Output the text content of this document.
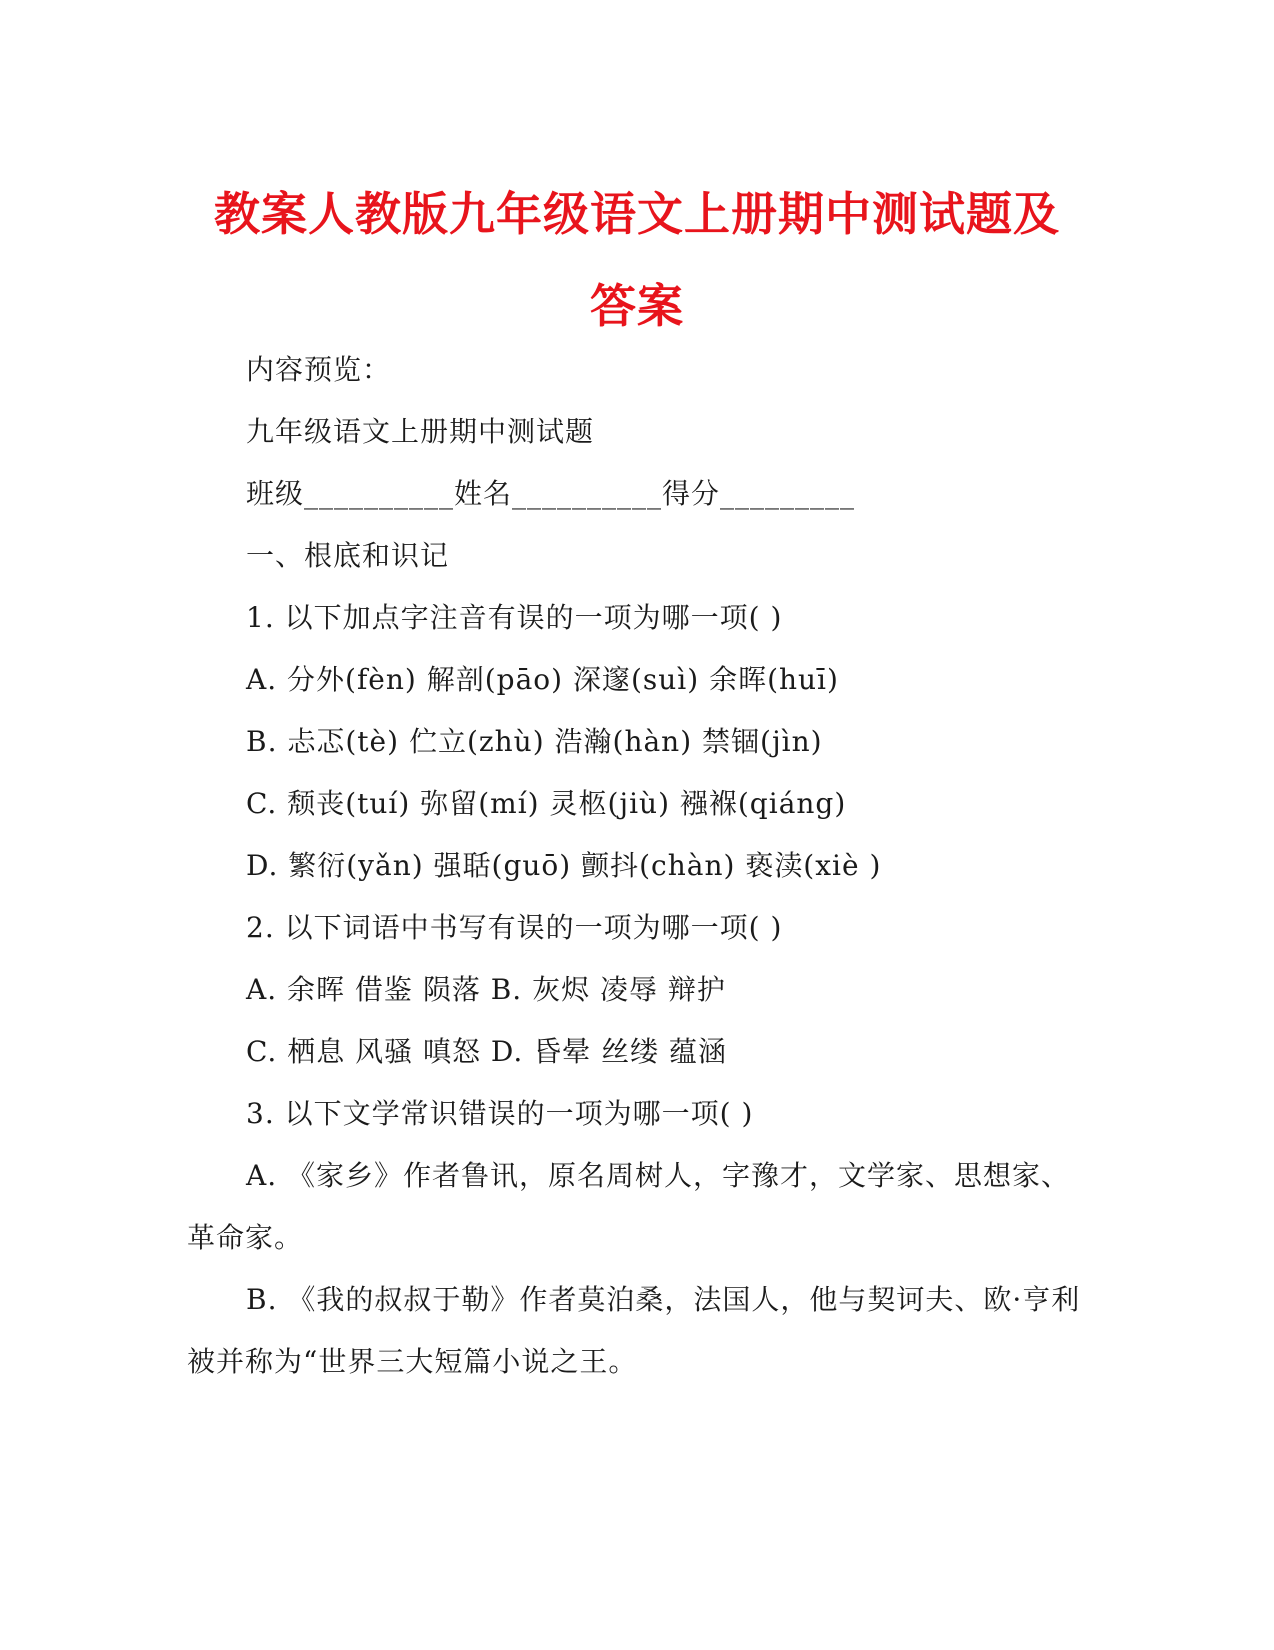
教案人教版九年级语文上册期中测试题及
答案
内容预览：
九年级语文上册期中测试题
班级__________姓名__________得分_________
一、根底和识记
1. 以下加点字注音有误的一项为哪一项( )
A. 分外(fèn) 解剖(pāo) 深邃(suì) 余晖(huī)
B. 忐忑(tè) 伫立(zhù) 浩瀚(hàn) 禁锢(jìn)
C. 颓丧(tuí) 弥留(mí) 灵柩(jiù) 襁褓(qiáng)
D. 繁衍(yǎn) 强聒(guō) 颤抖(chàn) 亵渎(xiè )
2. 以下词语中书写有误的一项为哪一项( )
A. 余晖 借鉴 陨落 B. 灰烬 凌辱 辩护
C. 栖息 风骚 嗔怒 D. 昏晕 丝缕 蕴涵
3. 以下文学常识错误的一项为哪一项( )
A. 《家乡》作者鲁讯，原名周树人，字豫才，文学家、思想家、
革命家。
B. 《我的叔叔于勒》作者莫泊桑，法国人，他与契诃夫、欧·亨利
被并称为“世界三大短篇小说之王。
